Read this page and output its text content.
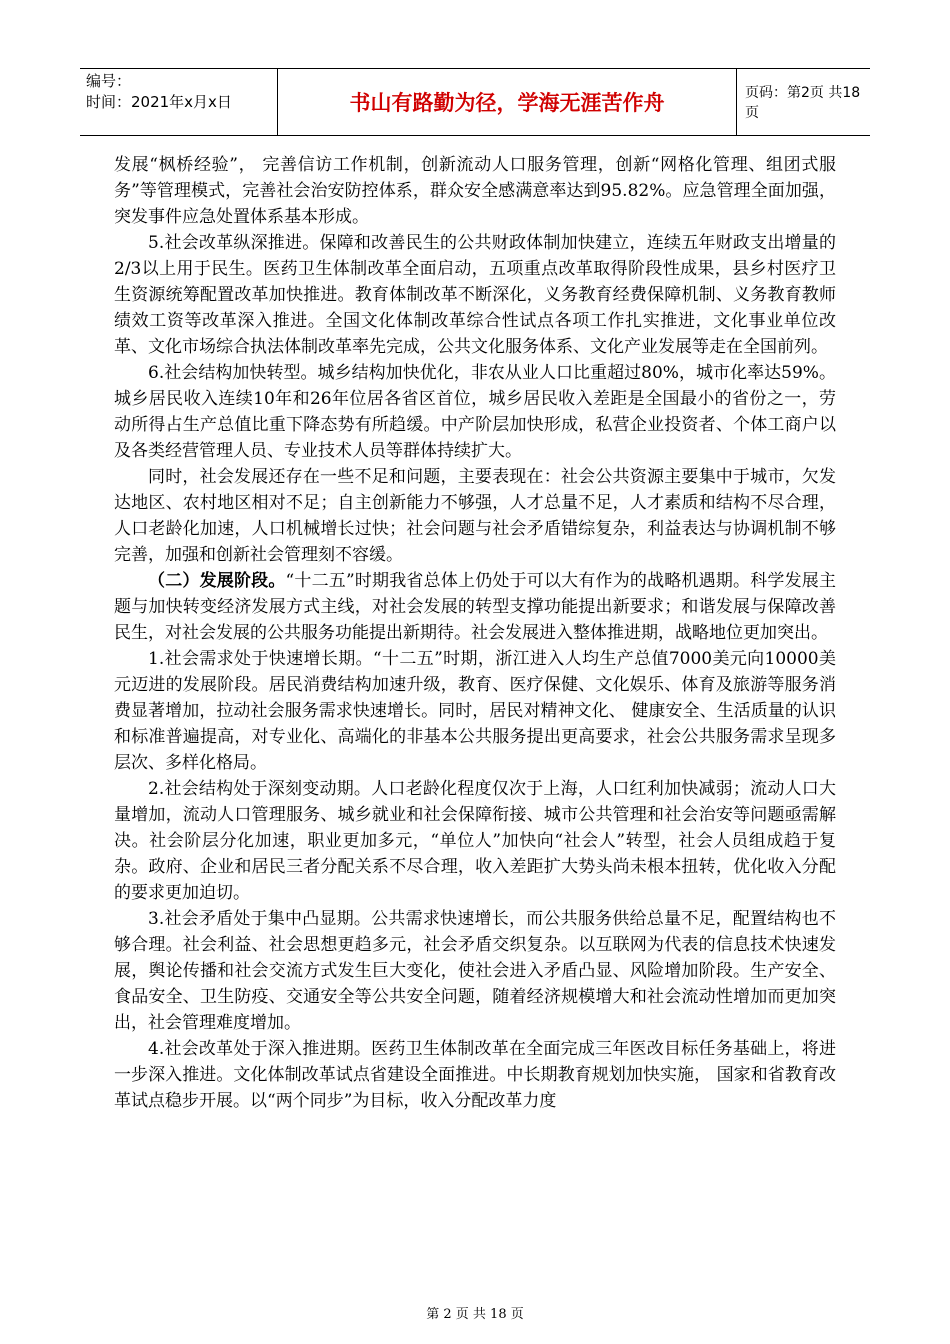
编号：
时间：2021年x月x日	书山有路勤为径，学海无涯苦作舟	页码：第2页 共18页

发展“枫桥经验”， 完善信访工作机制，创新流动人口服务管理，创新“网格化管理、组团式服务”等管理模式，完善社会治安防控体系，群众安全感满意率达到95.82%。应急管理全面加强，突发事件应急处置体系基本形成。

5.社会改革纵深推进。保障和改善民生的公共财政体制加快建立，连续五年财政支出增量的2/3以上用于民生。医药卫生体制改革全面启动，五项重点改革取得阶段性成果，县乡村医疗卫生资源统筹配置改革加快推进。教育体制改革不断深化，义务教育经费保障机制、义务教育教师绩效工资等改革深入推进。全国文化体制改革综合性试点各项工作扎实推进，文化事业单位改革、文化市场综合执法体制改革率先完成，公共文化服务体系、文化产业发展等走在全国前列。

6.社会结构加快转型。城乡结构加快优化，非农从业人口比重超过80%，城市化率达59%。城乡居民收入连续10年和26年位居各省区首位，城乡居民收入差距是全国最小的省份之一，劳动所得占生产总值比重下降态势有所趋缓。中产阶层加快形成，私营企业投资者、个体工商户以及各类经营管理人员、专业技术人员等群体持续扩大。

同时，社会发展还存在一些不足和问题，主要表现在：社会公共资源主要集中于城市，欠发达地区、农村地区相对不足；自主创新能力不够强，人才总量不足，人才素质和结构不尽合理，人口老龄化加速，人口机械增长过快；社会问题与社会矛盾错综复杂，利益表达与协调机制不够完善，加强和创新社会管理刻不容缓。

（二）发展阶段。“十二五”时期我省总体上仍处于可以大有作为的战略机遇期。科学发展主题与加快转变经济发展方式主线，对社会发展的转型支撑功能提出新要求；和谐发展与保障改善民生，对社会发展的公共服务功能提出新期待。社会发展进入整体推进期，战略地位更加突出。

1.社会需求处于快速增长期。“十二五”时期，浙江进入人均生产总值7000美元向10000美元迈进的发展阶段。居民消费结构加速升级，教育、医疗保健、文化娱乐、体育及旅游等服务消费显著增加，拉动社会服务需求快速增长。同时，居民对精神文化、 健康安全、生活质量的认识和标准普遍提高，对专业化、高端化的非基本公共服务提出更高要求，社会公共服务需求呈现多层次、多样化格局。

2.社会结构处于深刻变动期。人口老龄化程度仅次于上海，人口红利加快减弱；流动人口大量增加，流动人口管理服务、城乡就业和社会保障衔接、城市公共管理和社会治安等问题亟需解决。社会阶层分化加速，职业更加多元，“单位人”加快向“社会人”转型，社会人员组成趋于复杂。政府、企业和居民三者分配关系不尽合理，收入差距扩大势头尚未根本扭转，优化收入分配的要求更加迫切。

3.社会矛盾处于集中凸显期。公共需求快速增长，而公共服务供给总量不足，配置结构也不够合理。社会利益、社会思想更趋多元，社会矛盾交织复杂。以互联网为代表的信息技术快速发展，舆论传播和社会交流方式发生巨大变化，使社会进入矛盾凸显、风险增加阶段。生产安全、食品安全、卫生防疫、交通安全等公共安全问题，随着经济规模增大和社会流动性增加而更加突出，社会管理难度增加。

4.社会改革处于深入推进期。医药卫生体制改革在全面完成三年医改目标任务基础上，将进一步深入推进。文化体制改革试点省建设全面推进。中长期教育规划加快实施， 国家和省教育改革试点稳步开展。以“两个同步”为目标，收入分配改革力度

第 2 页 共 18 页
